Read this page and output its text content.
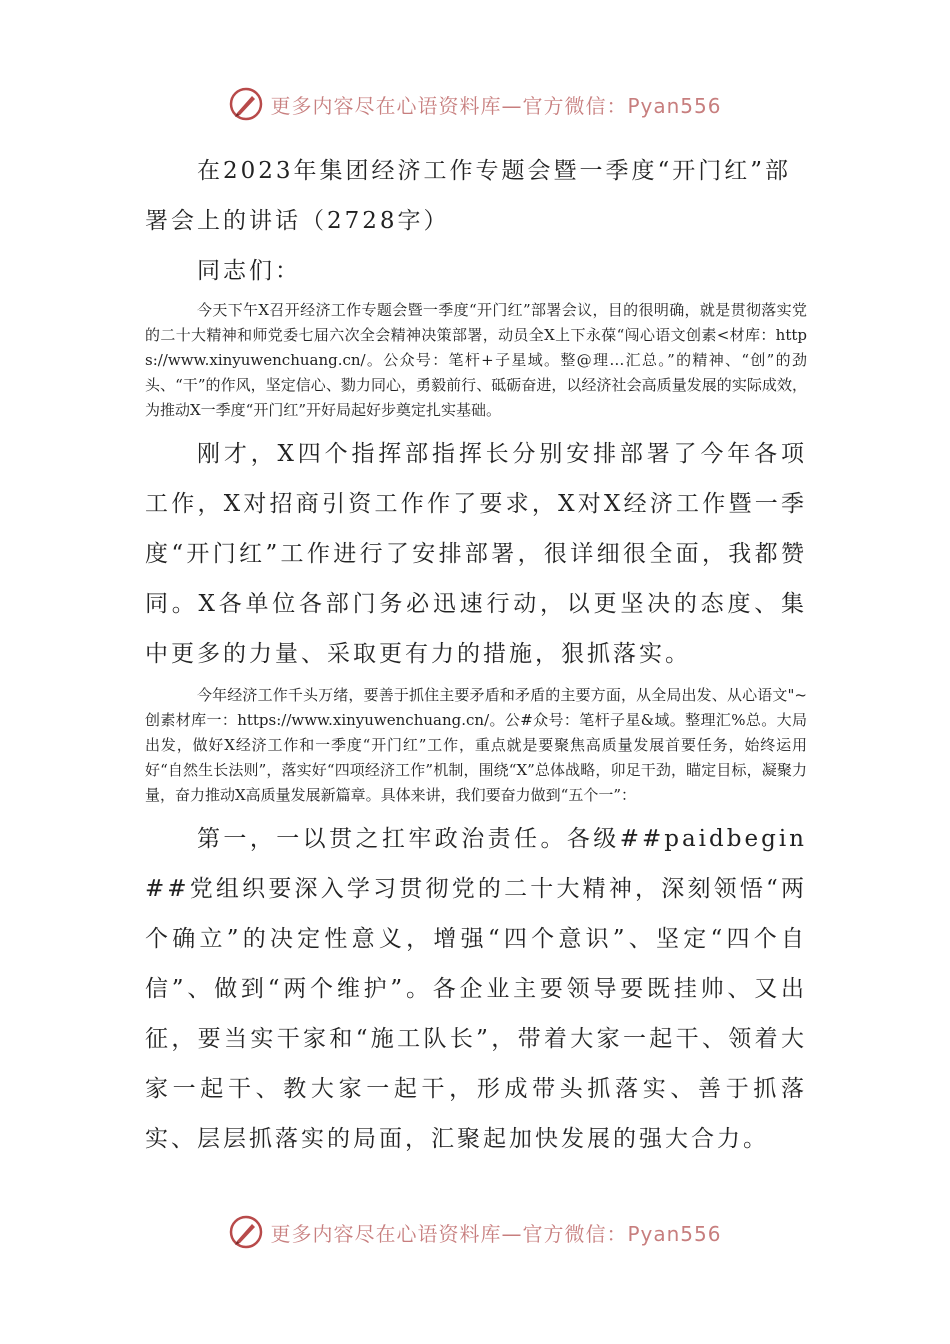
更多内容尽在心语资料库—官方微信：Pyan556
在2023年集团经济工作专题会暨一季度“开门红”部署会上的讲话（2728字）

同志们：

今天下午X召开经济工作专题会暨一季度“开门红”部署会议，目的很明确，就是贯彻落实党的二十大精神和师党委七届六次全会精神决策部署，动员全X上下永葆“闯心语文创素<材库：https://www.xinyuwenchuang.cn/。公众号：笔杆+子星域。整@理…汇总。”的精神、“创”的劲头、“干”的作风，坚定信心、勠力同心，勇毅前行、砥砺奋进，以经济社会高质量发展的实际成效，为推动X一季度“开门红”开好局起好步奠定扎实基础。

刚才，X四个指挥部指挥长分别安排部署了今年各项工作，X对招商引资工作作了要求，X对X经济工作暨一季度“开门红”工作进行了安排部署，很详细很全面，我都赞同。X各单位各部门务必迅速行动，以更坚决的态度、集中更多的力量、采取更有力的措施，狠抓落实。

今年经济工作千头万绪，要善于抓住主要矛盾和矛盾的主要方面，从全局出发、从心语文"~创素材库一：https://www.xinyuwenchuang.cn/。公#众号：笔杆子星&域。整理汇%总。大局出发，做好X经济工作和一季度“开门红”工作，重点就是要聚焦高质量发展首要任务，始终运用好“自然生长法则”，落实好“四项经济工作”机制，围绕“X”总体战略，卯足干劲，瞄定目标，凝聚力量，奋力推动X高质量发展新篇章。具体来讲，我们要奋力做到“五个一”：

第一，一以贯之扛牢政治责任。各级##paidbegin##党组织要深入学习贯彻党的二十大精神，深刻领悟“两个确立”的决定性意义，增强“四个意识”、坚定“四个自信”、做到“两个维护”。各企业主要领导要既挂帅、又出征，要当实干家和“施工队长”，带着大家一起干、领着大家一起干、教大家一起干，形成带头抓落实、善于抓落实、层层抓落实的局面，汇聚起加快发展的强大合力。

更多内容尽在心语资料库—官方微信：Pyan556
